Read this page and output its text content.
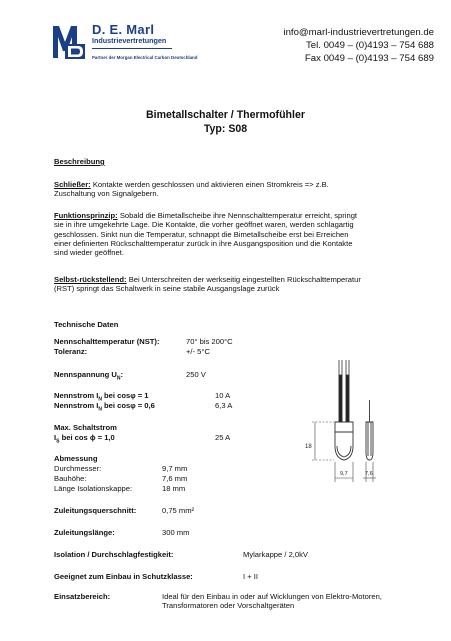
D. E. Marl
Industrievertretungen
Partner der Morgan Electrical Carbon Deutschland
info@marl-industrievertretungen.de
Tel. 0049 – (0)4193 – 754 688
Fax 0049 – (0)4193 – 754 689
Bimetallschalter / Thermofühler
Typ: S08
Beschreibung
Schließer: Kontakte werden geschlossen und aktivieren einen Stromkreis => z.B.
Zuschaltung von Signalgebern.
Funktionsprinzip: Sobald die Bimetallscheibe ihre Nennschalttemperatur erreicht, springt
sie in ihre umgekehrte Lage. Die Kontakte, die vorher geöffnet waren, werden schlagartig
geschlossen. Sinkt nun die Temperatur, schnappt die Bimetallscheibe erst bei Erreichen
einer definierten Rückschalttemperatur zurück in ihre Ausgangsposition und die Kontakte
sind wieder geöffnet.
Selbst-rückstellend: Bei Unterschreiten der werkseitig eingestellten Rückschalttemperatur
(RST) springt das Schaltwerk in seine stabile Ausgangslage zurück
Technische Daten
Nennschalttemperatur (NST):	70° bis 200°C
Toleranz:	+/- 5°C
Nennspannung $U_N$:	250 V
Nennstrom $I_N$ bei cosφ = 1	10 A
Nennstrom $I_N$ bei cosφ = 0,6	6,3 A
Max. Schaltstrom
$I_S$ bei cos ϕ = 1,0	25 A
Abmessung
Durchmesser:	9,7 mm
Bauhöhe:	7,6 mm
Länge Isolationskappe:	18 mm
Zuleitungsquerschnitt:	0,75 mm²
Zuleitungslänge:	300 mm
Isolation / Durchschlagfestigkeit:	Mylarkappe / 2,0kV
Geeignet zum Einbau in Schutzklasse:	I + II
Einsatzbereich:	Ideal für den Einbau in oder auf Wicklungen von Elektro-Motoren,
Transformatoren oder Vorschaltgeräten
18
9,7	7,6
